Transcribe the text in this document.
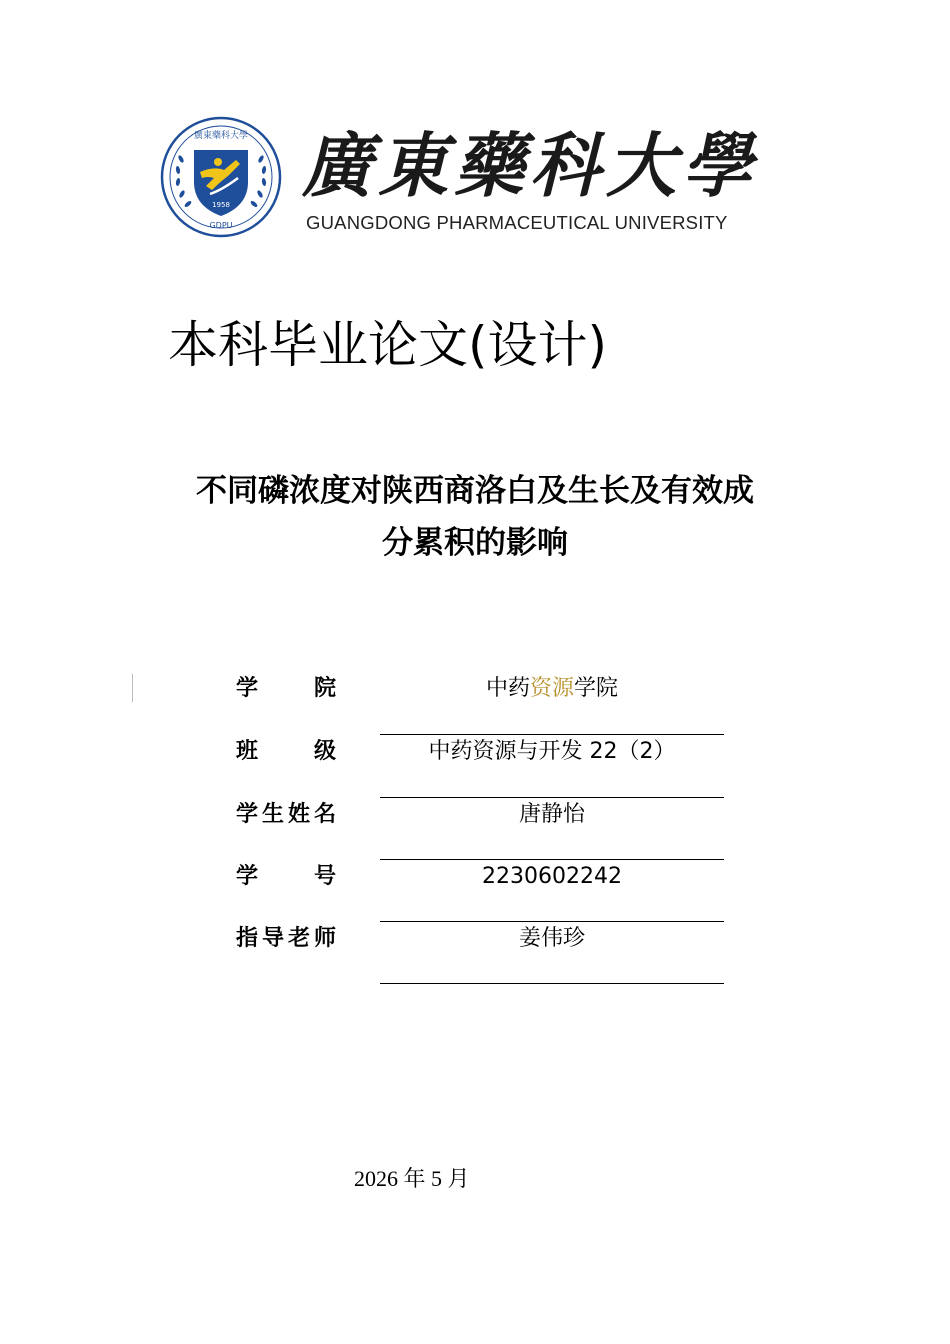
1958
GDPU
廣東藥科大學 廣東藥科大學
GUANGDONG PHARMACEUTICAL UNIVERSITY
本科毕业论文(设计)
不同磷浓度对陕西商洛白及生长及有效成
分累积的影响
学　　院	中药资源学院
班　　级	中药资源与开发 22（2）
学生姓名	唐静怡
学　　号	2230602242
指导老师	姜伟珍
2026 年 5 月
